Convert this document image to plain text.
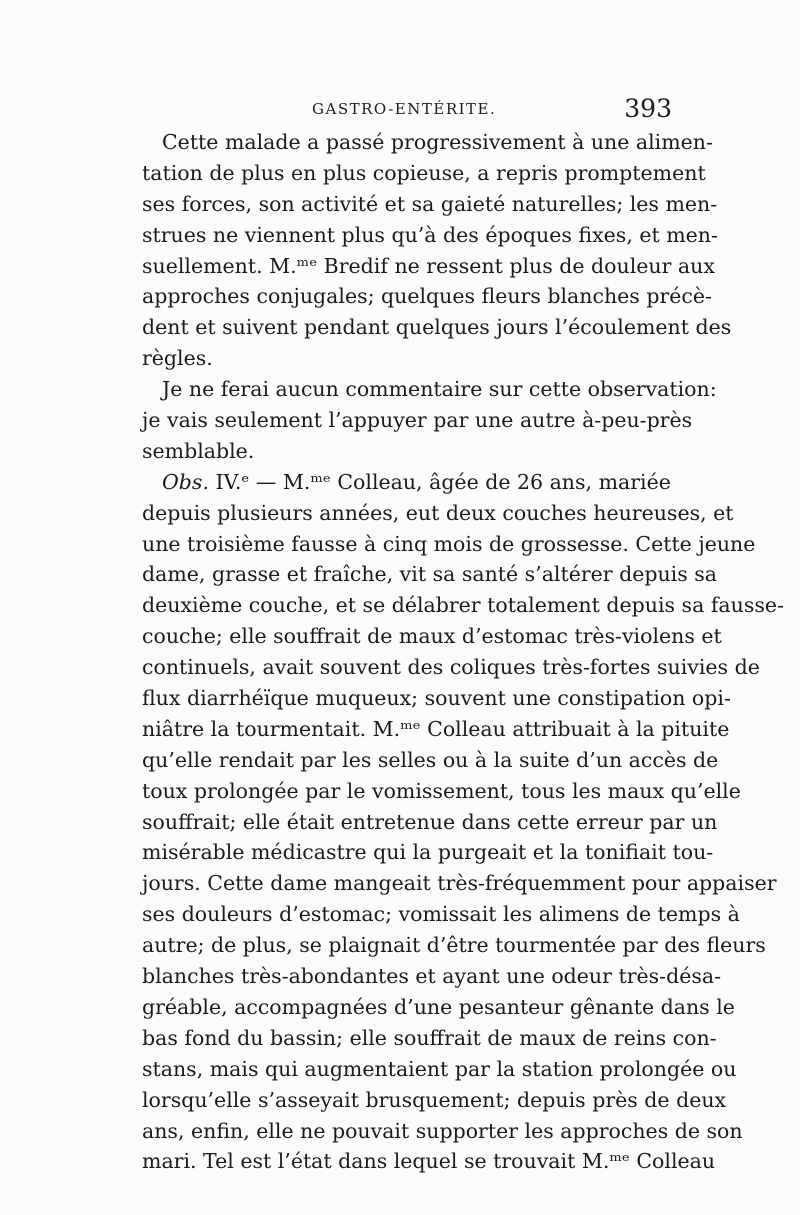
GASTRO-ENTÉRITE.	393
Cette malade a passé progressivement à une alimen-
tation de plus en plus copieuse, a repris promptement
ses forces, son activité et sa gaieté naturelles; les men-
strues ne viennent plus qu’à des époques fixes, et men-
suellement. M.ᵐᵉ Bredif ne ressent plus de douleur aux
approches conjugales; quelques fleurs blanches précè-
dent et suivent pendant quelques jours l’écoulement des
règles.
Je ne ferai aucun commentaire sur cette observation:
je vais seulement l’appuyer par une autre à-peu-près
semblable.
Obs. IV.ᵉ — M.ᵐᵉ Colleau, âgée de 26 ans, mariée
depuis plusieurs années, eut deux couches heureuses, et
une troisième fausse à cinq mois de grossesse. Cette jeune
dame, grasse et fraîche, vit sa santé s’altérer depuis sa
deuxième couche, et se délabrer totalement depuis sa fausse-
couche; elle souffrait de maux d’estomac très-violens et
continuels, avait souvent des coliques très-fortes suivies de
flux diarrhéïque muqueux; souvent une constipation opi-
niâtre la tourmentait. M.ᵐᵉ Colleau attribuait à la pituite
qu’elle rendait par les selles ou à la suite d’un accès de
toux prolongée par le vomissement, tous les maux qu’elle
souffrait; elle était entretenue dans cette erreur par un
misérable médicastre qui la purgeait et la tonifiait tou-
jours. Cette dame mangeait très-fréquemment pour appaiser
ses douleurs d’estomac; vomissait les alimens de temps à
autre; de plus, se plaignait d’être tourmentée par des fleurs
blanches très-abondantes et ayant une odeur très-désa-
gréable, accompagnées d’une pesanteur gênante dans le
bas fond du bassin; elle souffrait de maux de reins con-
stans, mais qui augmentaient par la station prolongée ou
lorsqu’elle s’asseyait brusquement; depuis près de deux
ans, enfin, elle ne pouvait supporter les approches de son
mari. Tel est l’état dans lequel se trouvait M.ᵐᵉ Colleau
